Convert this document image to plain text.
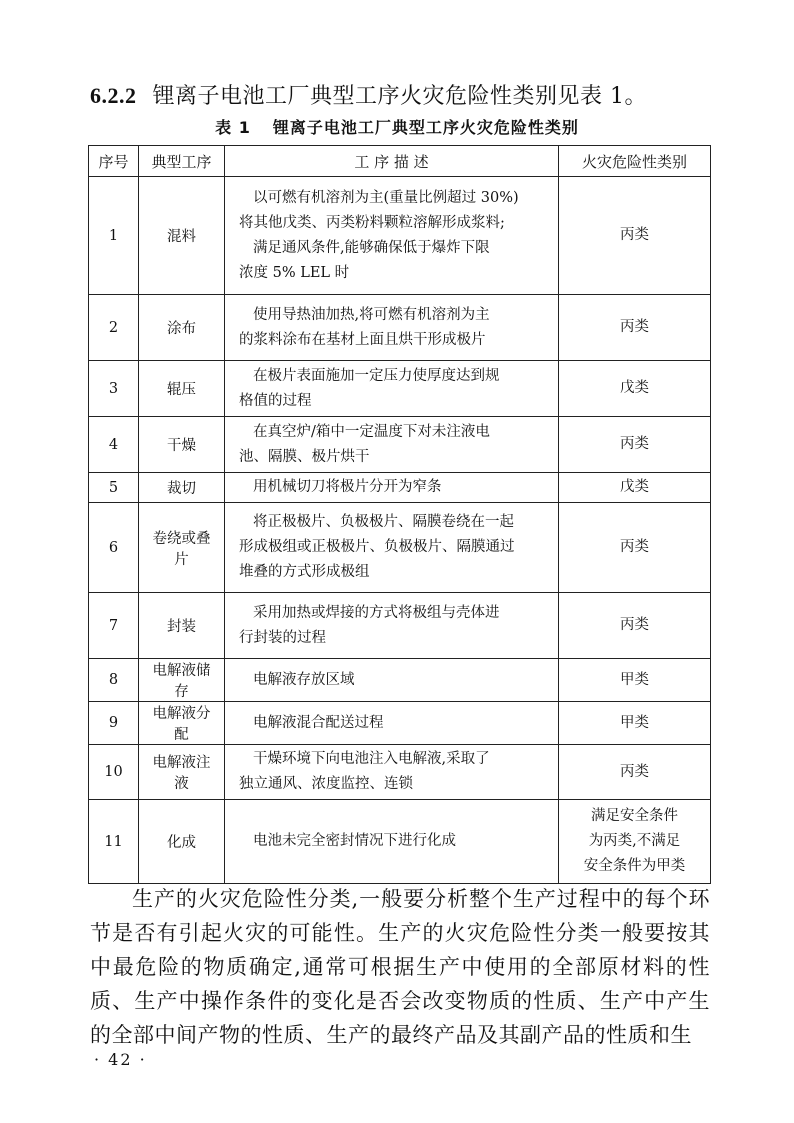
6.2.2 锂离子电池工厂典型工序火灾危险性类别见表 1。
表 1 锂离子电池工厂典型工序火灾危险性类别
序号	典型工序	工 序 描 述	火灾危险性类别
1	混料	以可燃有机溶剂为主(重量比例超过 30%)
将其他戊类、丙类粉料颗粒溶解形成浆料;
满足通风条件,能够确保低于爆炸下限
浓度 5% LEL 时	丙类
2	涂布	使用导热油加热,将可燃有机溶剂为主
的浆料涂布在基材上面且烘干形成极片	丙类
3	辊压	在极片表面施加一定压力使厚度达到规
格值的过程	戊类
4	干燥	在真空炉/箱中一定温度下对未注液电
池、隔膜、极片烘干	丙类
5	裁切	用机械切刀将极片分开为窄条	戊类
6	卷绕或叠片	将正极极片、负极极片、隔膜卷绕在一起
形成极组或正极极片、负极极片、隔膜通过
堆叠的方式形成极组	丙类
7	封装	采用加热或焊接的方式将极组与壳体进
行封装的过程	丙类
8	电解液储存	电解液存放区域	甲类
9	电解液分配	电解液混合配送过程	甲类
10	电解液注液	干燥环境下向电池注入电解液,采取了
独立通风、浓度监控、连锁	丙类
11	化成	电池未完全密封情况下进行化成	满足安全条件
为丙类,不满足
安全条件为甲类
生产的火灾危险性分类,一般要分析整个生产过程中的每个环节是否有引起火灾的可能性。生产的火灾危险性分类一般要按其中最危险的物质确定,通常可根据生产中使用的全部原材料的性质、生产中操作条件的变化是否会改变物质的性质、生产中产生的全部中间产物的性质、生产的最终产品及其副产品的性质和生
· 42 ·
